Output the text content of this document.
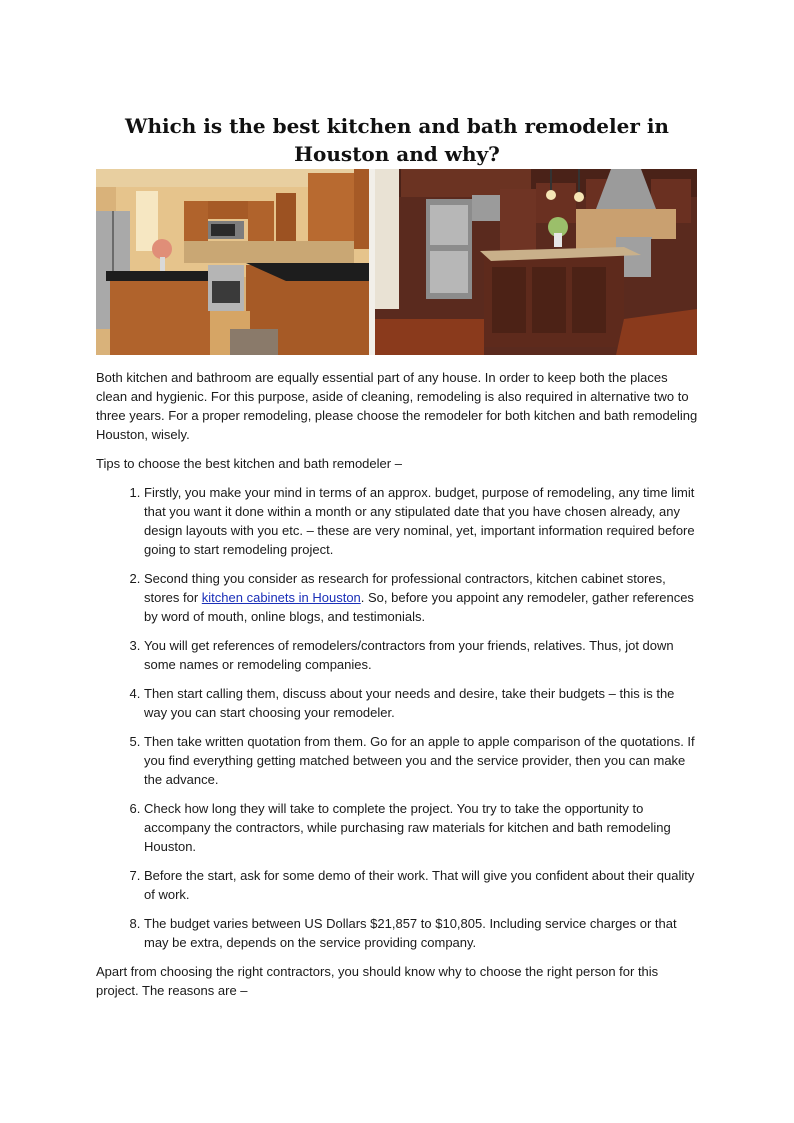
Which is the best kitchen and bath remodeler in Houston and why?

Both kitchen and bathroom are equally essential part of any house. In order to keep both the places clean and hygienic. For this purpose, aside of cleaning, remodeling is also required in alternative two to three years. For a proper remodeling, please choose the remodeler for both kitchen and bath remodeling Houston, wisely.

Tips to choose the best kitchen and bath remodeler –

1. Firstly, you make your mind in terms of an approx. budget, purpose of remodeling, any time limit that you want it done within a month or any stipulated date that you have chosen already, any design layouts with you etc. – these are very nominal, yet, important information required before going to start remodeling project.
2. Second thing you consider as research for professional contractors, kitchen cabinet stores, stores for kitchen cabinets in Houston. So, before you appoint any remodeler, gather references by word of mouth, online blogs, and testimonials.
3. You will get references of remodelers/contractors from your friends, relatives. Thus, jot down some names or remodeling companies.
4. Then start calling them, discuss about your needs and desire, take their budgets – this is the way you can start choosing your remodeler.
5. Then take written quotation from them. Go for an apple to apple comparison of the quotations. If you find everything getting matched between you and the service provider, then you can make the advance.
6. Check how long they will take to complete the project. You try to take the opportunity to accompany the contractors, while purchasing raw materials for kitchen and bath remodeling Houston.
7. Before the start, ask for some demo of their work. That will give you confident about their quality of work.
8. The budget varies between US Dollars $21,857 to $10,805. Including service charges or that may be extra, depends on the service providing company.

Apart from choosing the right contractors, you should know why to choose the right person for this project. The reasons are –
